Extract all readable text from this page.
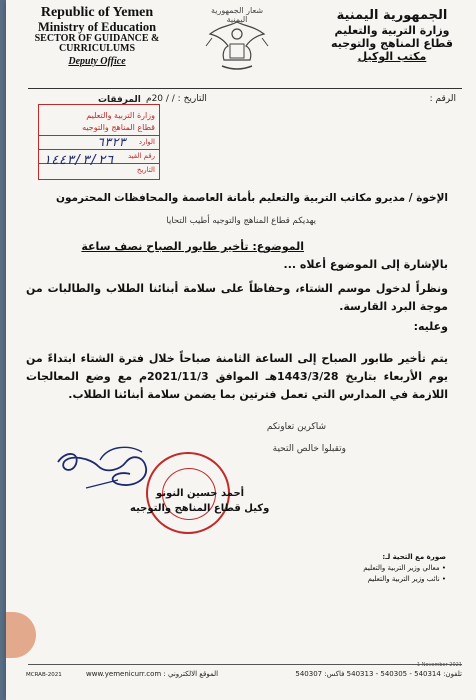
Republic of Yemen
Ministry of Education
SECTOR OF GUIDANCE &
CURRICULUMS
Deputy Office
شعار الجمهورية اليمنية	الجمهورية اليمنية
وزارة التربية والتعليم
قطاع المناهج والتوجيه
مكتب الوكيل
الرقم :
التاريخ : / / 20م
المرفقات
وزارة التربية والتعليم
قطاع المناهج والتوجيه
الوارد
رقم القيد
التاريخ
٦٣٢٣
١٤٤٣/٣/٢٦
الإخوة / مديرو مكاتب التربية والتعليم بأمانة العاصمة والمحافظات
المحترمون
يهديكم قطاع المناهج والتوجيه أطيب التحايا
الموضوع: تأخير طابور الصباح نصف ساعة
بالإشارة إلى الموضوع أعلاه ...
ونظراً لدخول موسم الشتاء، وحفاظاً على سلامة أبنائنا الطلاب والطالبات من موجة البرد القارسة.
وعليه:
يتم تأخير طابور الصباح إلى الساعة الثامنة صباحاً خلال فترة الشتاء ابتداءً من يوم الأربعاء بتاريخ 1443/3/28هـ الموافق 2021/11/3م مع وضع المعالجات اللازمة في المدارس التي تعمل فترتين بما يضمن سلامة أبنائنا الطلاب.
شاكرين تعاونكم
وتقبلوا خالص التحية
أحمد حسين النونو
وكيل قطاع المناهج والتوجيه
صورة مع التحية لـ:
• معالي وزير التربية والتعليم
• نائب وزير التربية والتعليم
1 November 2021
MCRAB-2021	www.yemenicurr.com : الموقع الالكتروني	تلفون: 540314 - 540305 - 540313 فاكس: 540307
